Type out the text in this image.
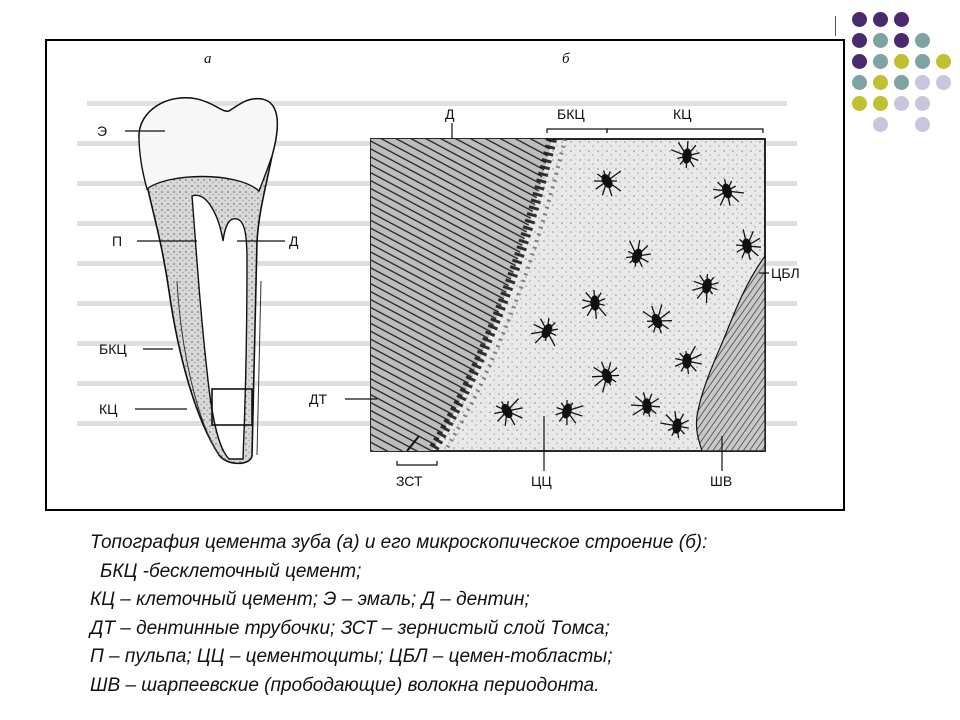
а
Э
П	Д
БКЦ
КЦ
б
Д	БКЦ	КЦ
ЦБЛ
ДТ
ЗСТ	ЦЦ	ШВ
Топография цемента зуба (а) и его микроскопическое строение (б):
БКЦ -бесклеточный цемент;
КЦ – клеточный цемент; Э – эмаль; Д – дентин;
ДТ – дентинные трубочки; ЗСТ – зернистый слой Томса;
П – пульпа; ЦЦ – цементоциты; ЦБЛ – цемен-тобласты;
ШВ – шарпеевские (прободающие) волокна периодонта.
